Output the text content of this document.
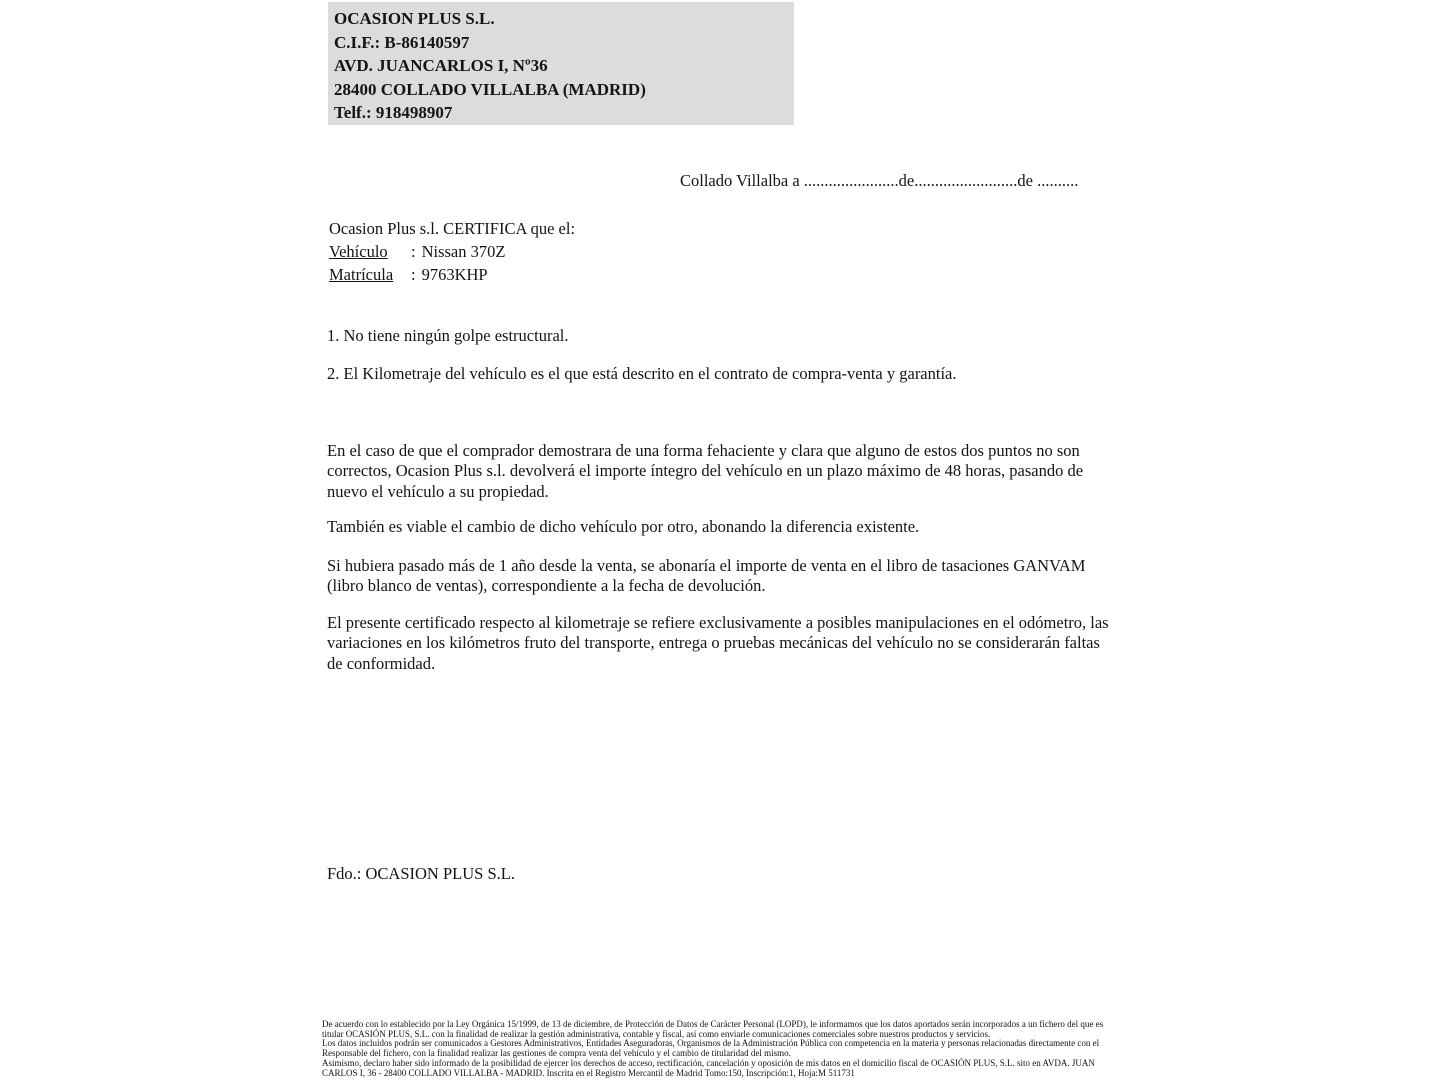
OCASION PLUS S.L.
C.I.F.: B-86140597
AVD. JUANCARLOS I, Nº36
28400 COLLADO VILLALBA (MADRID)
Telf.: 918498907
Collado Villalba a .......................de.........................de ..........
Ocasion Plus s.l. CERTIFICA que el:
Vehículo : Nissan 370Z
Matrícula : 9763KHP
1. No tiene ningún golpe estructural.
2. El Kilometraje del vehículo es el que está descrito en el contrato de compra-venta y garantía.
En el caso de que el comprador demostrara de una forma fehaciente y clara que alguno de estos dos puntos no son correctos, Ocasion Plus s.l. devolverá el importe íntegro del vehículo en un plazo máximo de 48 horas, pasando de nuevo el vehículo a su propiedad.
También es viable el cambio de dicho vehículo por otro, abonando la diferencia existente.
Si hubiera pasado más de 1 año desde la venta, se abonaría el importe de venta en el libro de tasaciones GANVAM (libro blanco de ventas), correspondiente a la fecha de devolución.
El presente certificado respecto al kilometraje se refiere exclusivamente a posibles manipulaciones en el odómetro, las variaciones en los kilómetros fruto del transporte, entrega o pruebas mecánicas del vehículo no se considerarán faltas de conformidad.
Fdo.: OCASION PLUS S.L.

De acuerdo con lo establecido por la Ley Orgánica 15/1999, de 13 de diciembre, de Protección de Datos de Carácter Personal (LOPD), le informamos que los datos aportados serán incorporados a un fichero del que es titular OCASIÓN PLUS, S.L. con la finalidad de realizar la gestión administrativa, contable y fiscal, así como enviarle comunicaciones comerciales sobre nuestros productos y servicios.

Los datos incluidos podrán ser comunicados a Gestores Administrativos, Entidades Aseguradoras, Organismos de la Administración Pública con competencia en la materia y personas relacionadas directamente con el Responsable del fichero, con la finalidad realizar las gestiones de compra venta del vehículo y el cambio de titularidad del mismo.

Asimismo, declaro haber sido informado de la posibilidad de ejercer los derechos de acceso, rectificación, cancelación y oposición de mis datos en el domicilio fiscal de OCASIÓN PLUS, S.L. sito en AVDA. JUAN CARLOS I, 36 - 28400 COLLADO VILLALBA - MADRID. Inscrita en el Registro Mercantil de Madrid Tomo:150, Inscripción:1, Hoja:M 511731
